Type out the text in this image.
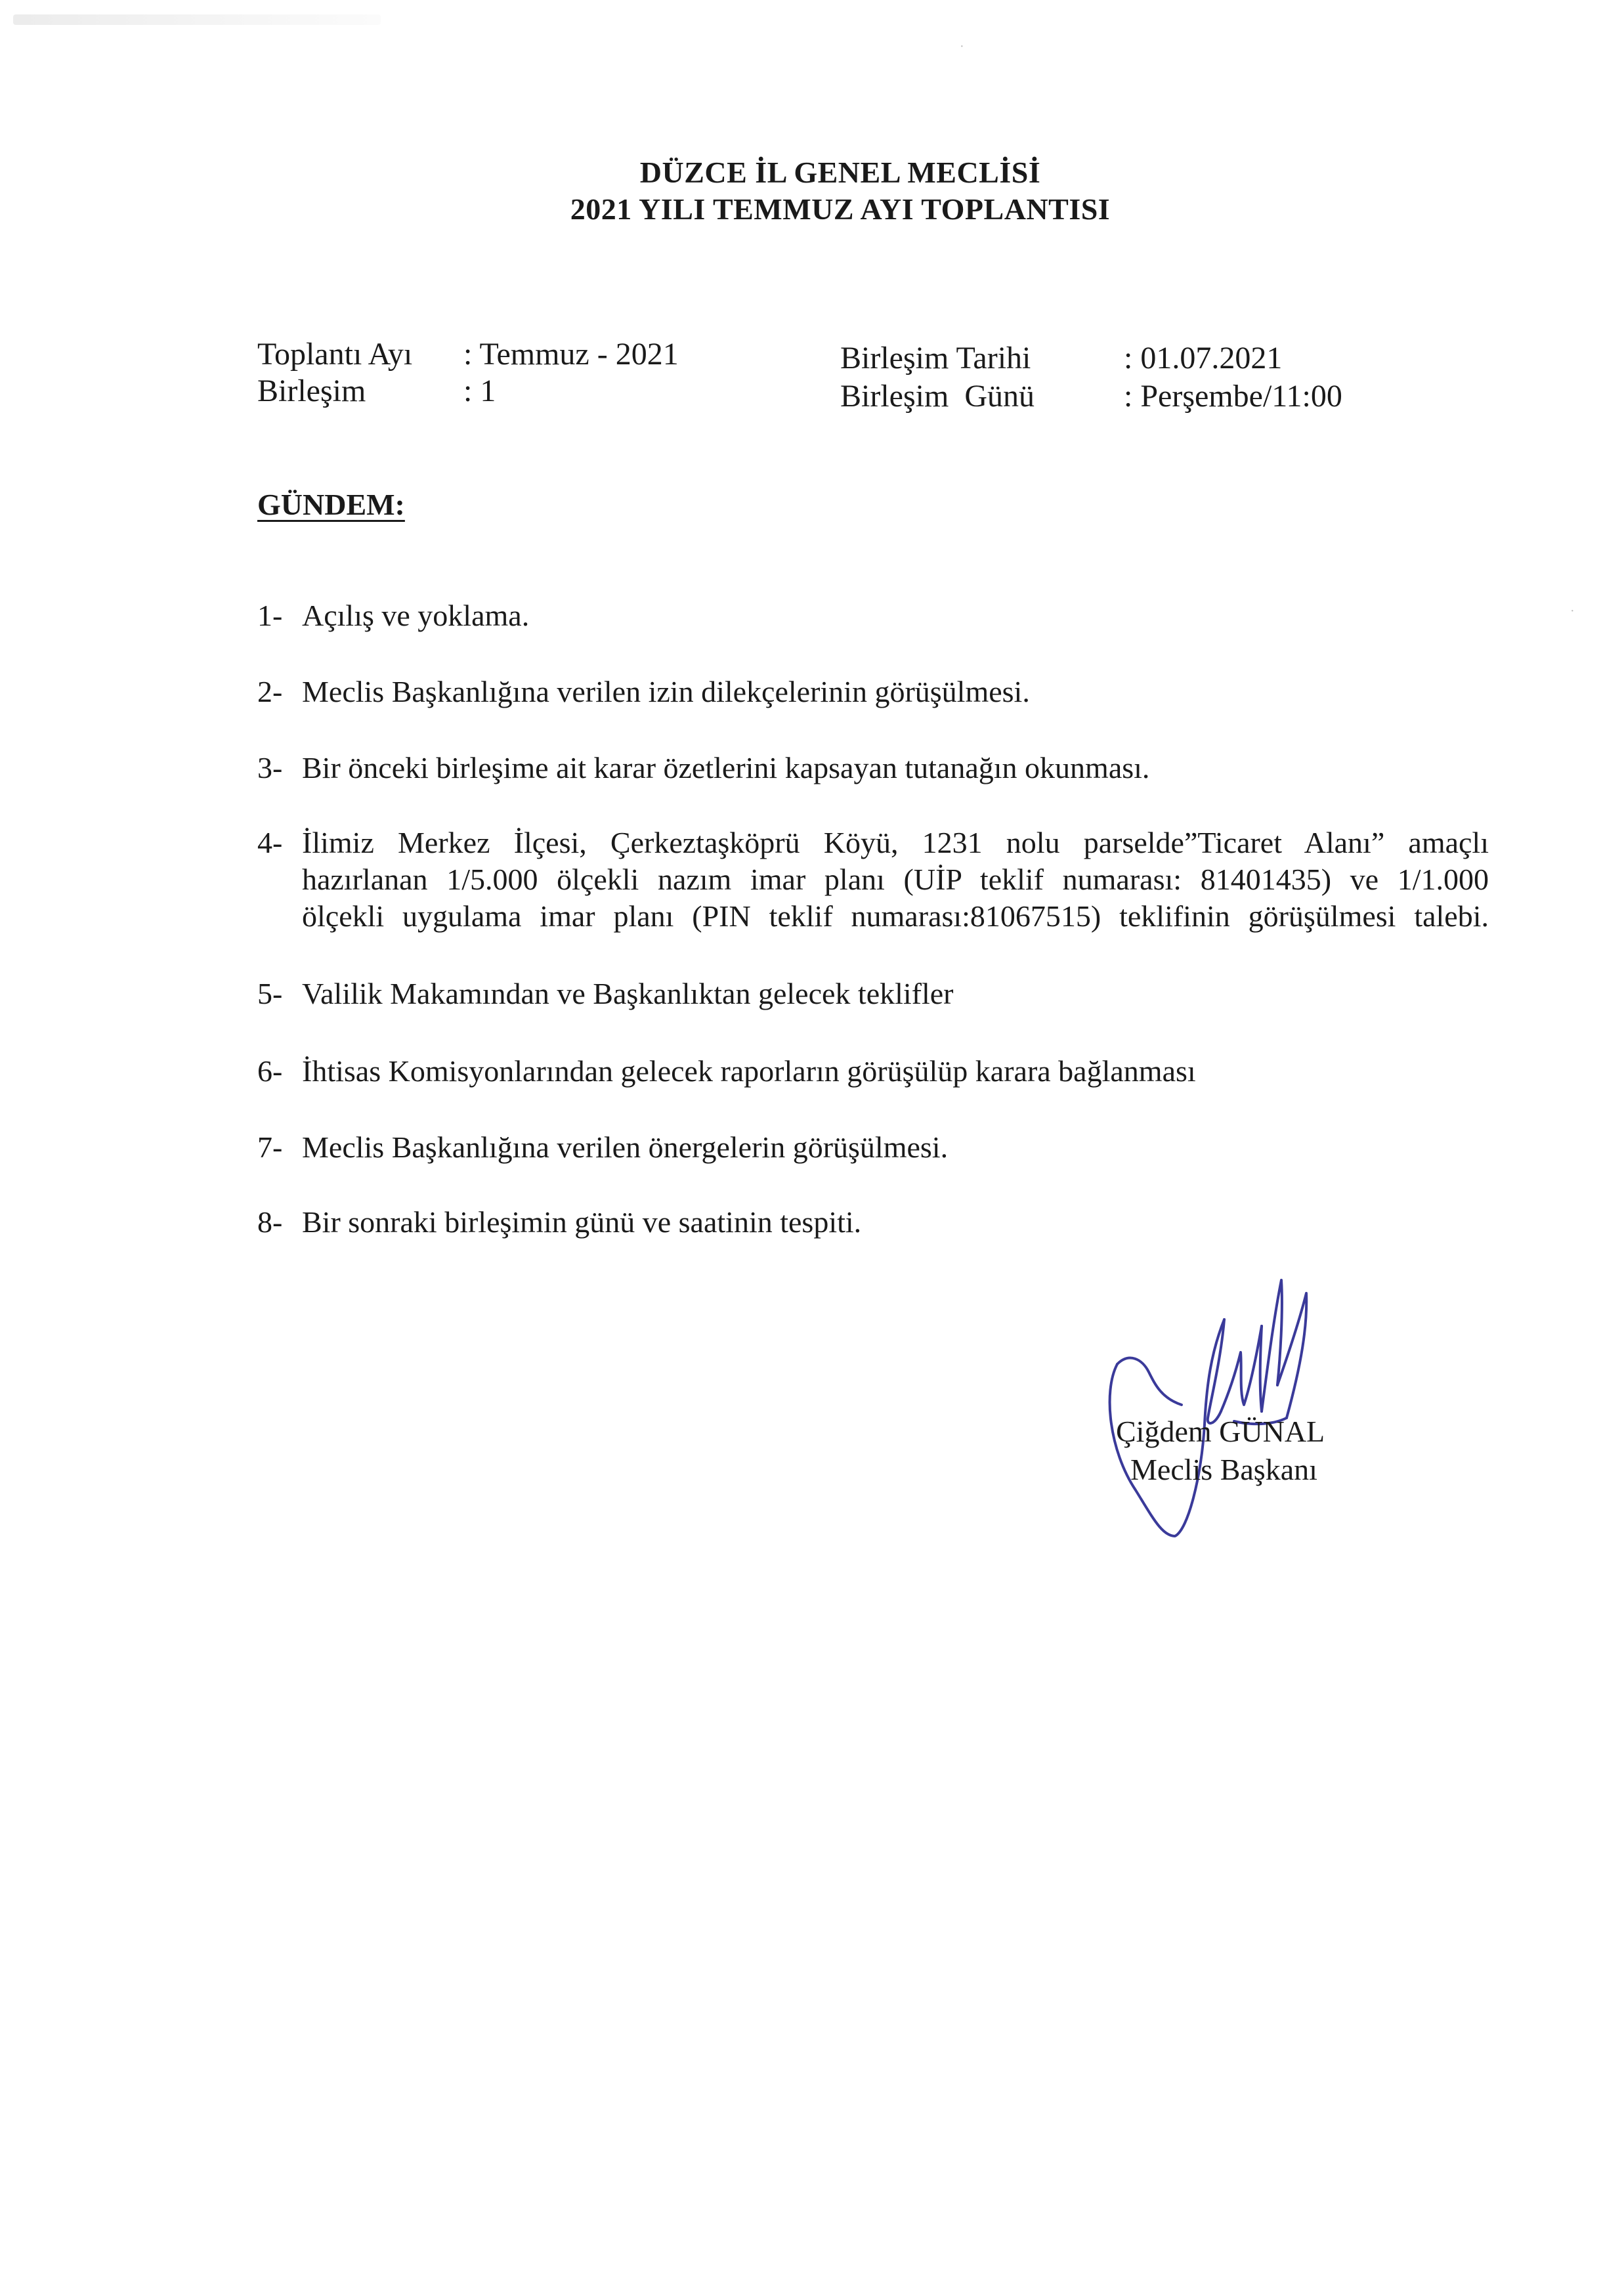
DÜZCE İL GENEL MECLİSİ
2021 YILI TEMMUZ AYI TOPLANTISI
Toplantı Ayı : Temmuz - 2021
Birleşim	: 1
Birleşim Tarihi	: 01.07.2021
Birleşim  Günü	: Perşembe/11:00
GÜNDEM:
1- Açılış ve yoklama.
2- Meclis Başkanlığına verilen izin dilekçelerinin görüşülmesi.
3- Bir önceki birleşime ait karar özetlerini kapsayan tutanağın okunması.
4- İlimiz Merkez İlçesi, Çerkeztaşköprü Köyü, 1231 nolu parselde”Ticaret Alanı” amaçlı
hazırlanan 1/5.000 ölçekli nazım imar planı (UİP teklif numarası: 81401435) ve 1/1.000
ölçekli uygulama imar planı (PIN teklif numarası:81067515) teklifinin görüşülmesi talebi.
5- Valilik Makamından ve Başkanlıktan gelecek teklifler
6- İhtisas Komisyonlarından gelecek raporların görüşülüp karara bağlanması
7- Meclis Başkanlığına verilen önergelerin görüşülmesi.
8- Bir sonraki birleşimin günü ve saatinin tespiti.
Çiğdem GÜNAL
Meclis Başkanı
·
·
